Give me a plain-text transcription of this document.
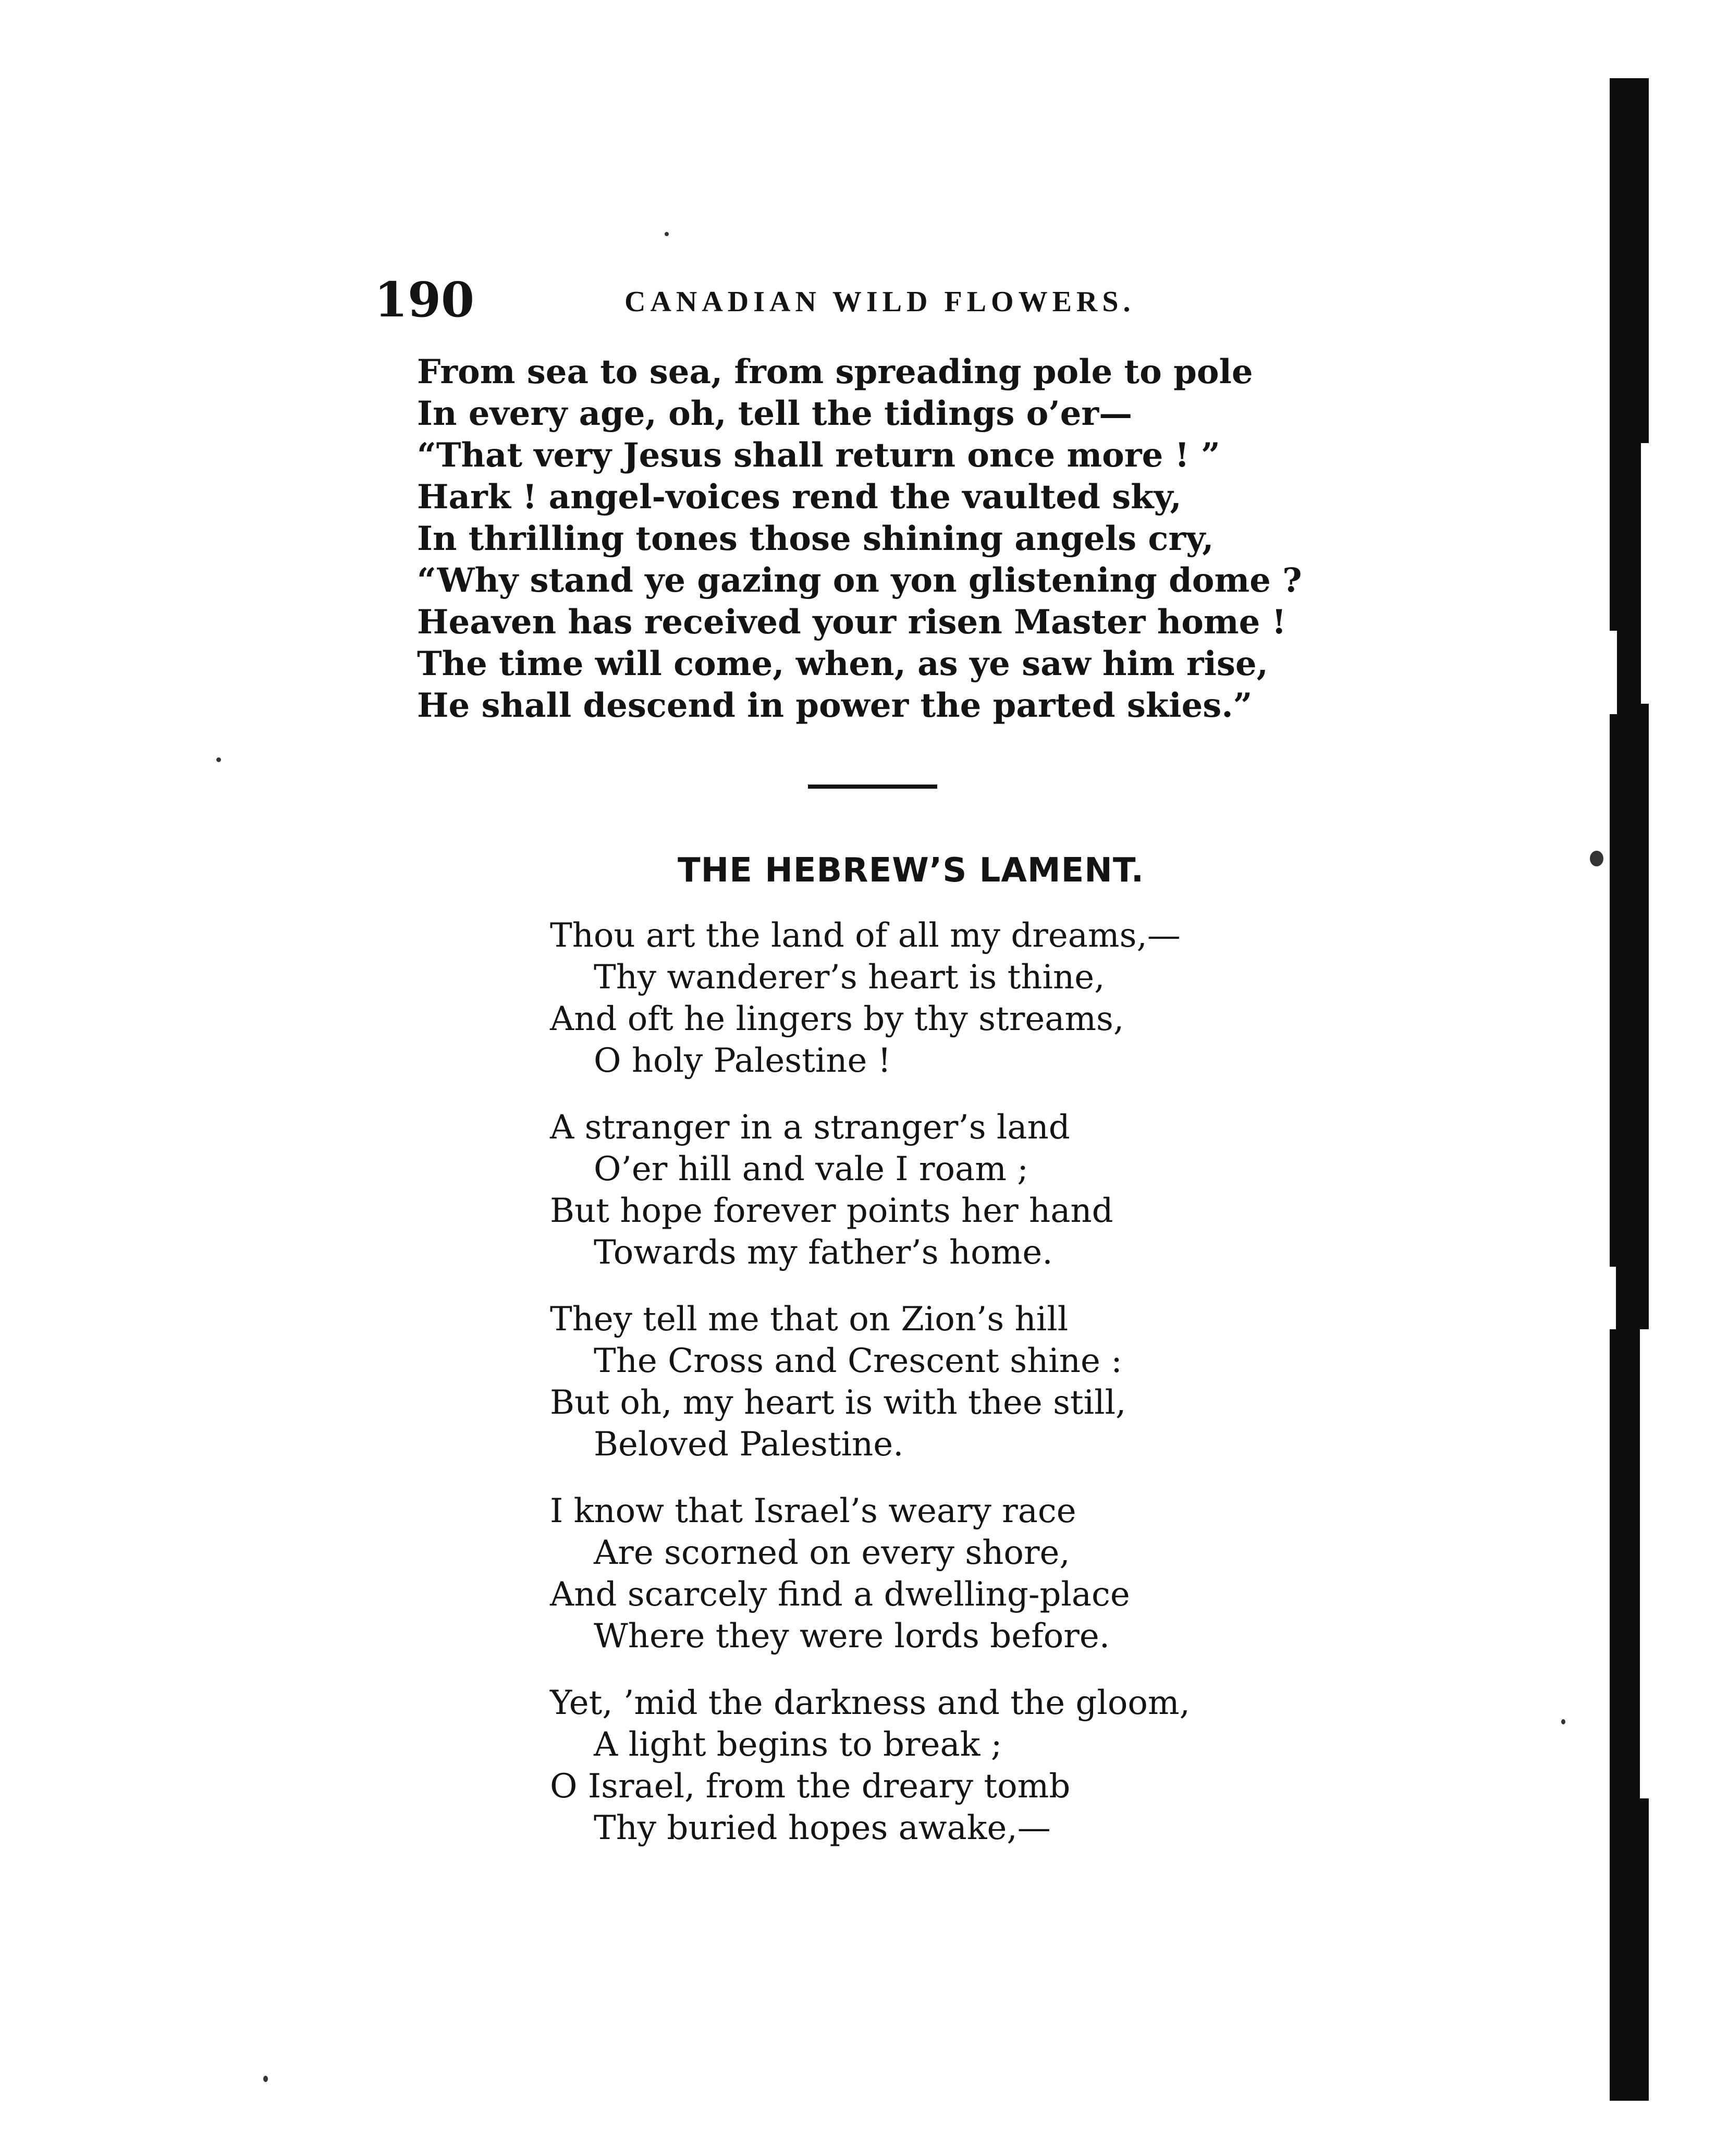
190	CANADIAN WILD FLOWERS.

From sea to sea, from spreading pole to pole

In every age, oh, tell the tidings o’er—

“That very Jesus shall return once more ! ”

Hark ! angel-voices rend the vaulted sky,

In thrilling tones those shining angels cry,

“Why stand ye gazing on yon glistening dome ?

Heaven has received your risen Master home !

The time will come, when, as ye saw him rise,

He shall descend in power the parted skies.”

THE HEBREW’S LAMENT.

Thou art the land of all my dreams,—

Thy wanderer’s heart is thine,

And oft he lingers by thy streams,

O holy Palestine !

A stranger in a stranger’s land

O’er hill and vale I roam ;

But hope forever points her hand

Towards my father’s home.

They tell me that on Zion’s hill

The Cross and Crescent shine :

But oh, my heart is with thee still,

Beloved Palestine.

I know that Israel’s weary race

Are scorned on every shore,

And scarcely find a dwelling-place

Where they were lords before.

Yet, ’mid the darkness and the gloom,

A light begins to break ;

O Israel, from the dreary tomb

Thy buried hopes awake,—
